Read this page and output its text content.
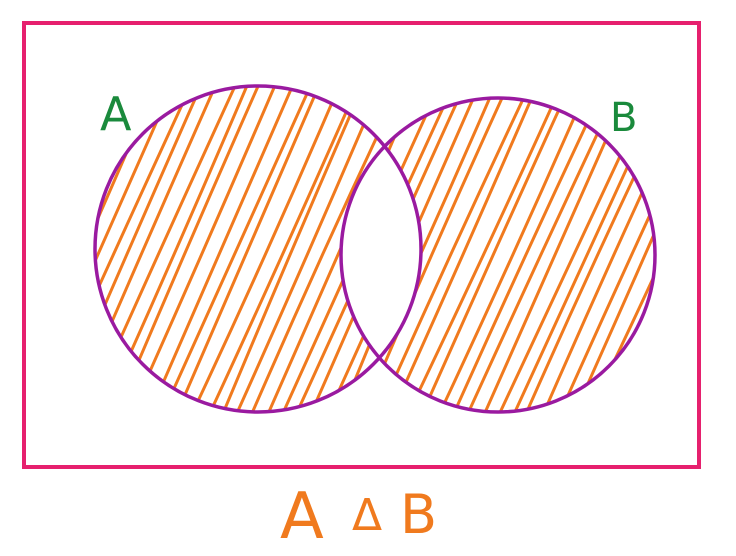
A	B
A Δ B
